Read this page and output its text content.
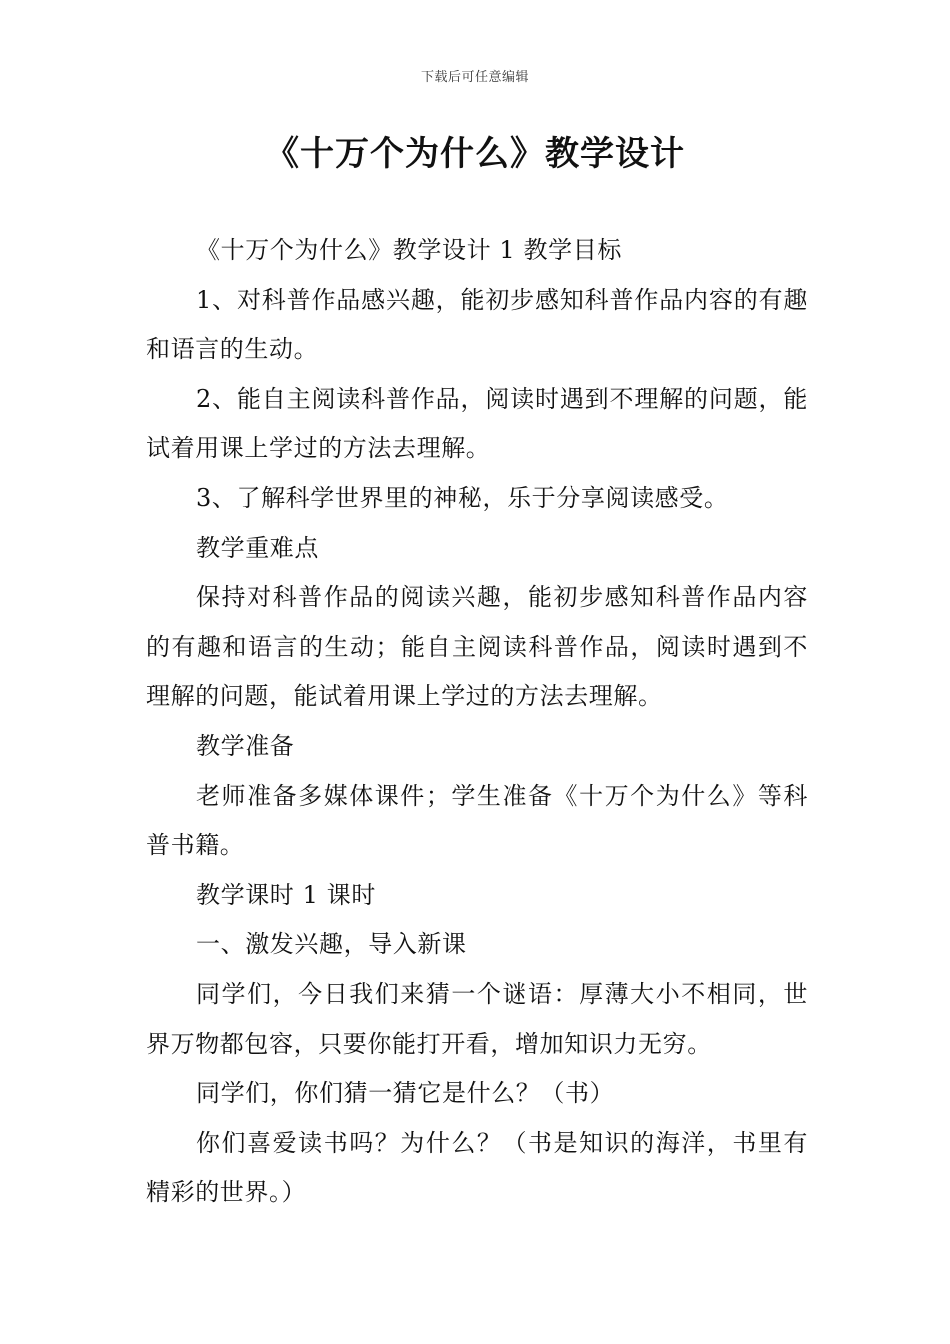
下载后可任意编辑
《十万个为什么》教学设计

《十万个为什么》教学设计 1 教学目标

1、对科普作品感兴趣，能初步感知科普作品内容的有趣和语言的生动。

2、能自主阅读科普作品，阅读时遇到不理解的问题，能试着用课上学过的方法去理解。

3、了解科学世界里的神秘，乐于分享阅读感受。

教学重难点

保持对科普作品的阅读兴趣，能初步感知科普作品内容的有趣和语言的生动；能自主阅读科普作品，阅读时遇到不理解的问题，能试着用课上学过的方法去理解。

教学准备

老师准备多媒体课件；学生准备《十万个为什么》等科普书籍。

教学课时 1 课时

一、激发兴趣，导入新课

同学们，今日我们来猜一个谜语：厚薄大小不相同，世界万物都包容，只要你能打开看，增加知识力无穷。

同学们，你们猜一猜它是什么？（书）

你们喜爱读书吗？为什么？（书是知识的海洋，书里有精彩的世界。）
